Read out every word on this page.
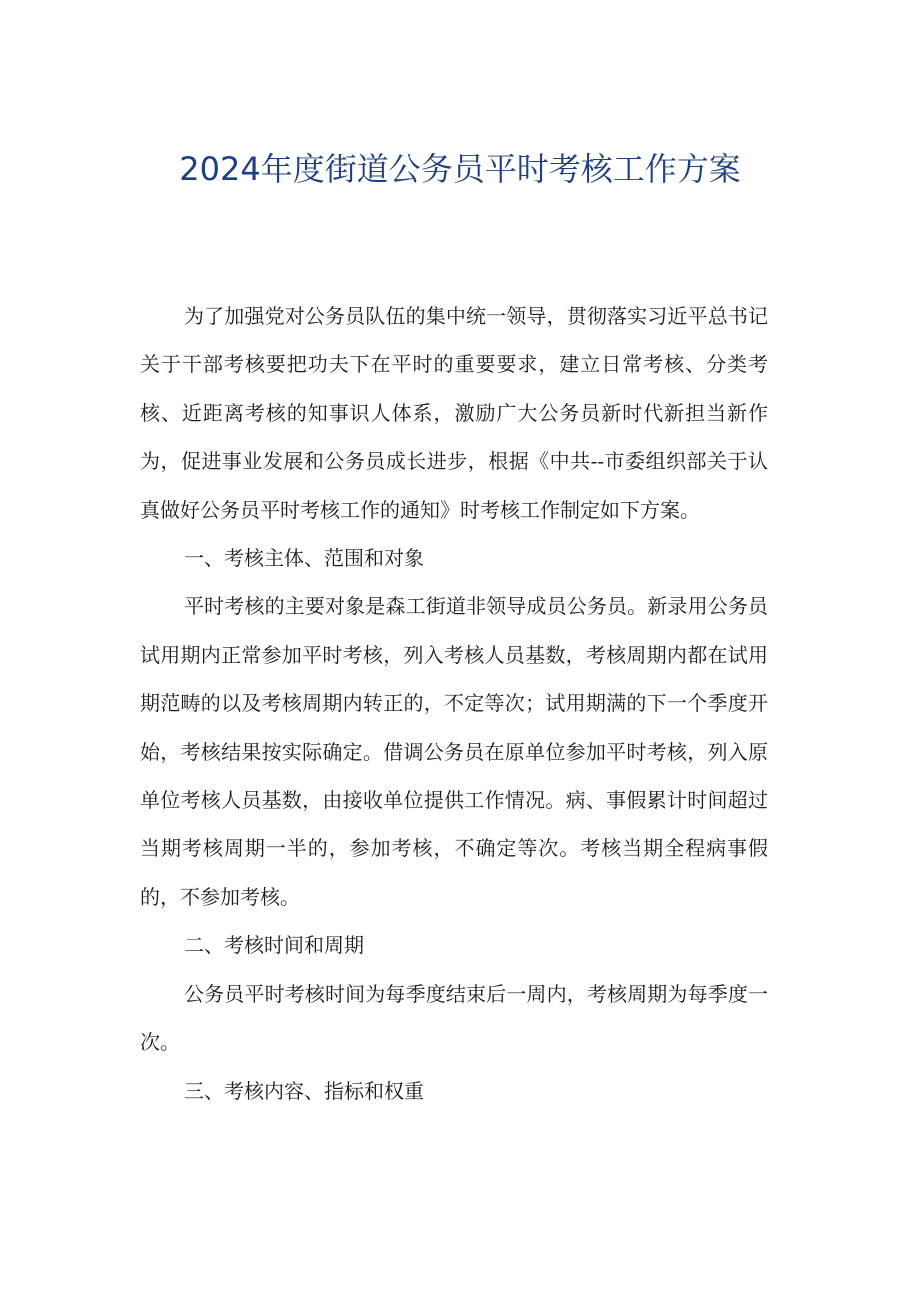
2024年度街道公务员平时考核工作方案

为了加强党对公务员队伍的集中统一领导，贯彻落实习近平总书记关于干部考核要把功夫下在平时的重要要求，建立日常考核、分类考核、近距离考核的知事识人体系，激励广大公务员新时代新担当新作为，促进事业发展和公务员成长进步，根据《中共--市委组织部关于认真做好公务员平时考核工作的通知》时考核工作制定如下方案。

一、考核主体、范围和对象

平时考核的主要对象是森工街道非领导成员公务员。新录用公务员试用期内正常参加平时考核，列入考核人员基数，考核周期内都在试用期范畴的以及考核周期内转正的，不定等次；试用期满的下一个季度开始，考核结果按实际确定。借调公务员在原单位参加平时考核，列入原单位考核人员基数，由接收单位提供工作情况。病、事假累计时间超过当期考核周期一半的，参加考核，不确定等次。考核当期全程病事假的，不参加考核。

二、考核时间和周期

公务员平时考核时间为每季度结束后一周内，考核周期为每季度一次。

三、考核内容、指标和权重
